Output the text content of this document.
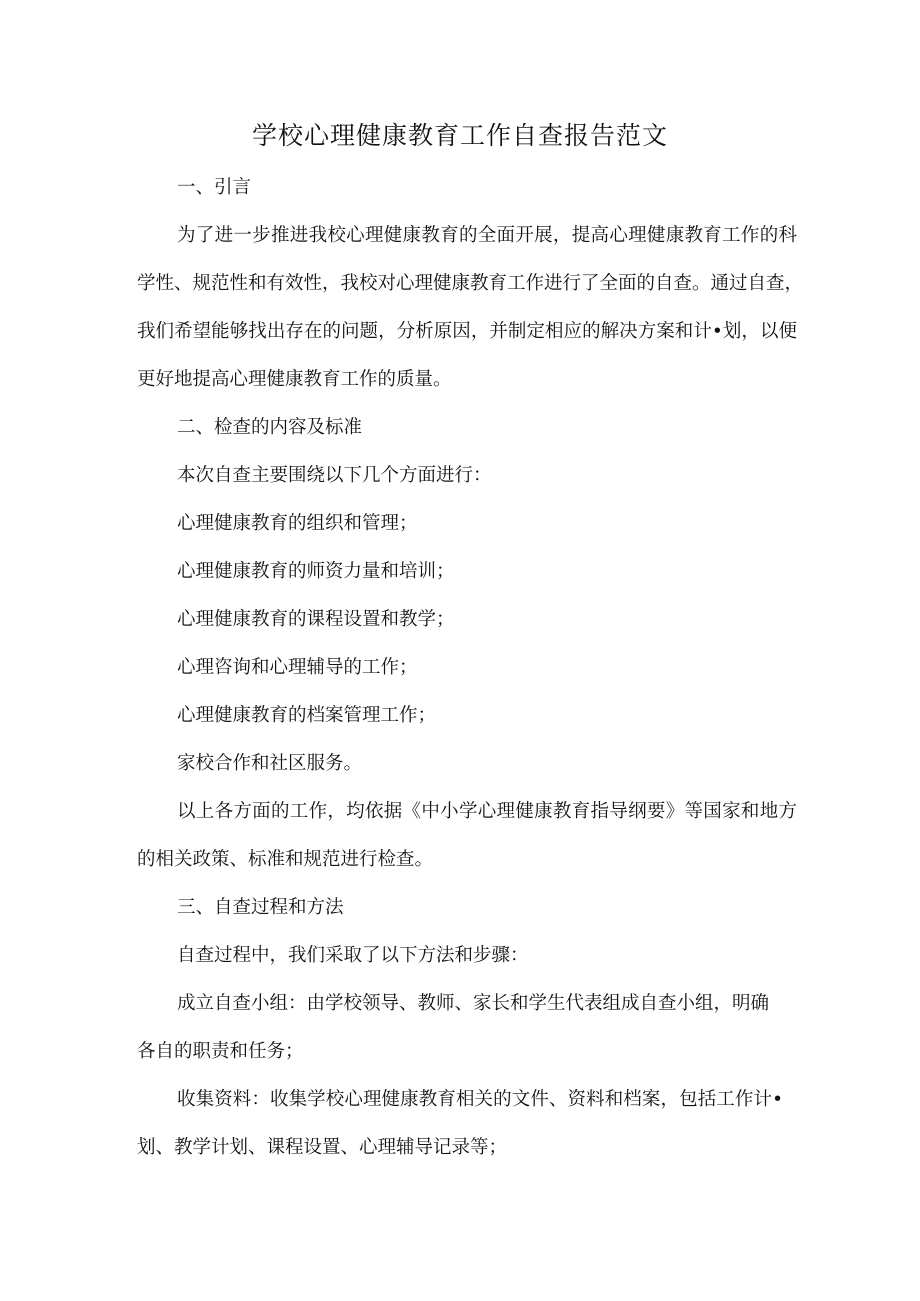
学校心理健康教育工作自查报告范文
一、引言
为了进一步推进我校心理健康教育的全面开展，提高心理健康教育工作的科
学性、规范性和有效性，我校对心理健康教育工作进行了全面的自查。通过自查，
我们希望能够找出存在的问题，分析原因，并制定相应的解决方案和计•划，以便
更好地提高心理健康教育工作的质量。
二、检查的内容及标准
本次自查主要围绕以下几个方面进行：
心理健康教育的组织和管理；
心理健康教育的师资力量和培训；
心理健康教育的课程设置和教学；
心理咨询和心理辅导的工作；
心理健康教育的档案管理工作；
家校合作和社区服务。
以上各方面的工作，均依据《中小学心理健康教育指导纲要》等国家和地方
的相关政策、标准和规范进行检查。
三、自查过程和方法
自查过程中，我们采取了以下方法和步骤：
成立自查小组：由学校领导、教师、家长和学生代表组成自查小组，明确
各自的职责和任务；
收集资料：收集学校心理健康教育相关的文件、资料和档案，包括工作计•
划、教学计划、课程设置、心理辅导记录等；
